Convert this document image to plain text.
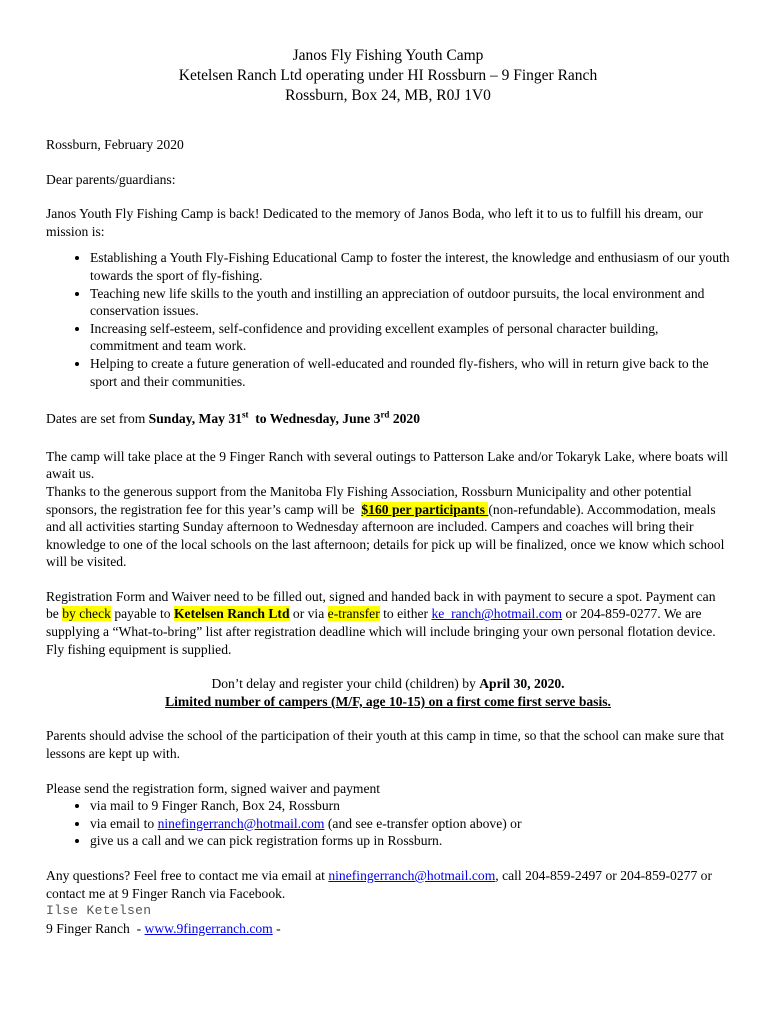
Janos Fly Fishing Youth Camp
Ketelsen Ranch Ltd operating under HI Rossburn – 9 Finger Ranch
Rossburn, Box 24, MB, R0J 1V0

Rossburn, February 2020

Dear parents/guardians:

Janos Youth Fly Fishing Camp is back! Dedicated to the memory of Janos Boda, who left it to us to fulfill his dream, our mission is:

• Establishing a Youth Fly-Fishing Educational Camp to foster the interest, the knowledge and enthusiasm of our youth towards the sport of fly-fishing.
• Teaching new life skills to the youth and instilling an appreciation of outdoor pursuits, the local environment and conservation issues.
• Increasing self-esteem, self-confidence and providing excellent examples of personal character building, commitment and team work.
• Helping to create a future generation of well-educated and rounded fly-fishers, who will in return give back to the sport and their communities.

Dates are set from Sunday, May 31st  to Wednesday, June 3rd 2020

The camp will take place at the 9 Finger Ranch with several outings to Patterson Lake and/or Tokaryk Lake, where boats will await us.

Thanks to the generous support from the Manitoba Fly Fishing Association, Rossburn Municipality and other potential sponsors, the registration fee for this year’s camp will be  $160 per participants (non-refundable). Accommodation, meals and all activities starting Sunday afternoon to Wednesday afternoon are included. Campers and coaches will bring their knowledge to one of the local schools on the last afternoon; details for pick up will be finalized, once we know which school will be visited.

Registration Form and Waiver need to be filled out, signed and handed back in with payment to secure a spot. Payment can be by check payable to Ketelsen Ranch Ltd or via e-transfer to either ke_ranch@hotmail.com or 204-859-0277. We are supplying a “What-to-bring” list after registration deadline which will include bringing your own personal flotation device. Fly fishing equipment is supplied.

Don’t delay and register your child (children) by April 30, 2020.
Limited number of campers (M/F, age 10-15) on a first come first serve basis.

Parents should advise the school of the participation of their youth at this camp in time, so that the school can make sure that lessons are kept up with.

Please send the registration form, signed waiver and payment

• via mail to 9 Finger Ranch, Box 24, Rossburn
• via email to ninefingerranch@hotmail.com (and see e-transfer option above) or
• give us a call and we can pick registration forms up in Rossburn.

Any questions? Feel free to contact me via email at ninefingerranch@hotmail.com, call 204-859-2497 or 204-859-0277 or contact me at 9 Finger Ranch via Facebook.

Ilse Ketelsen

9 Finger Ranch  - www.9fingerranch.com -
